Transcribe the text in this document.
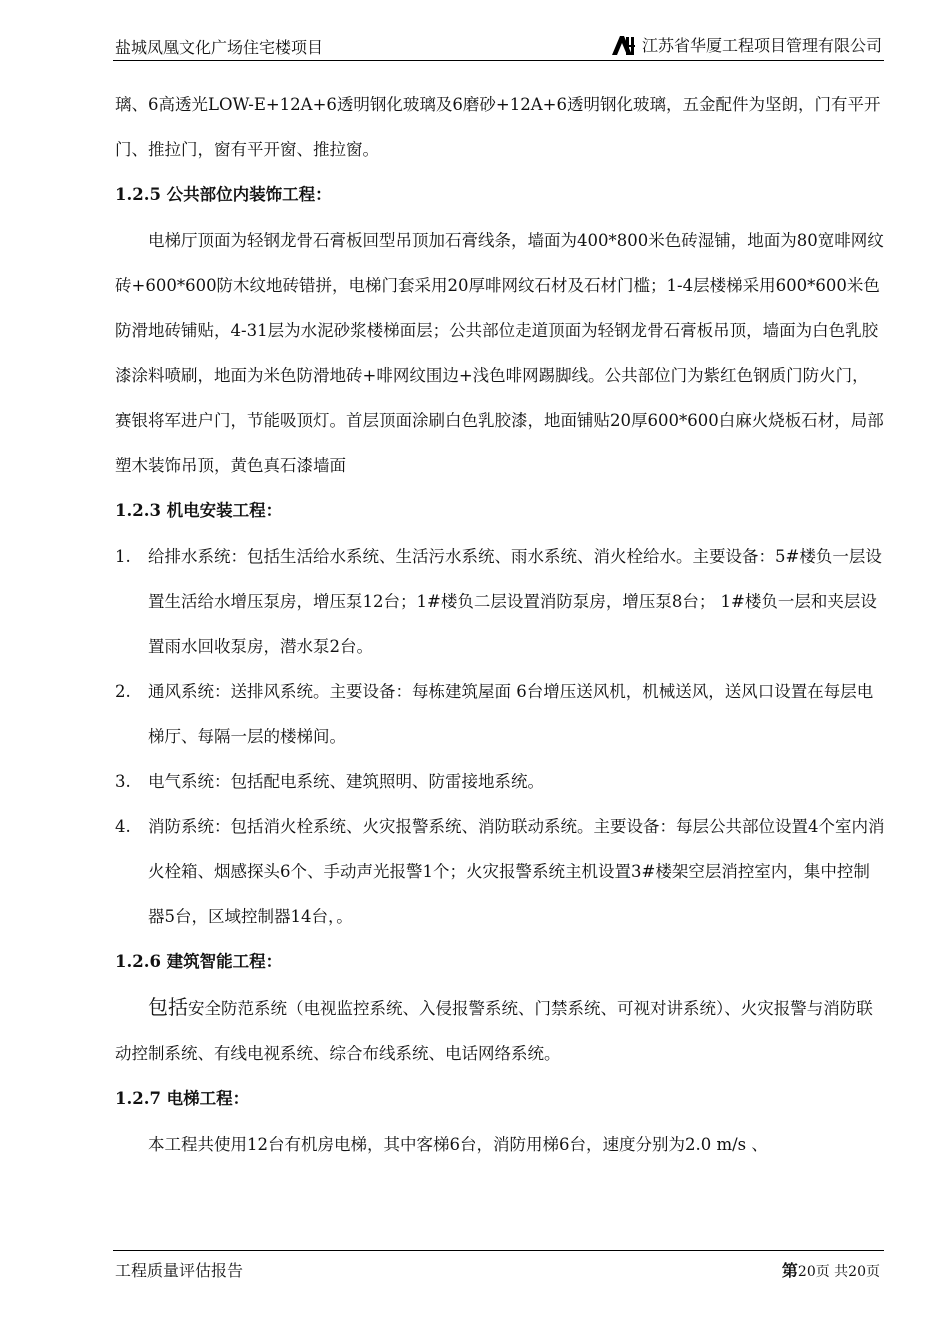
盐城凤凰文化广场住宅楼项目	江苏省华厦工程项目管理有限公司

璃、6高透光LOW-E+12A+6透明钢化玻璃及6磨砂+12A+6透明钢化玻璃，五金配件为坚朗，门有平开门、推拉门，窗有平开窗、推拉窗。

1.2.5 公共部位内装饰工程：

电梯厅顶面为轻钢龙骨石膏板回型吊顶加石膏线条，墙面为400*800米色砖湿铺，地面为80宽啡网纹砖+600*600防木纹地砖错拼，电梯门套采用20厚啡网纹石材及石材门槛；1-4层楼梯采用600*600米色防滑地砖铺贴，4-31层为水泥砂浆楼梯面层；公共部位走道顶面为轻钢龙骨石膏板吊顶，墙面为白色乳胶漆涂料喷刷，地面为米色防滑地砖+啡网纹围边+浅色啡网踢脚线。公共部位门为紫红色钢质门防火门，赛银将军进户门，节能吸顶灯。首层顶面涂刷白色乳胶漆，地面铺贴20厚600*600白麻火烧板石材，局部塑木装饰吊顶，黄色真石漆墙面

1.2.3 机电安装工程：

1.	给排水系统：包括生活给水系统、生活污水系统、雨水系统、消火栓给水。主要设备：5#楼负一层设置生活给水增压泵房，增压泵12台；1#楼负二层设置消防泵房，增压泵8台； 1#楼负一层和夹层设置雨水回收泵房，潜水泵2台。
2.	通风系统：送排风系统。主要设备：每栋建筑屋面 6台增压送风机，机械送风，送风口设置在每层电梯厅、每隔一层的楼梯间。
3.	电气系统：包括配电系统、建筑照明、防雷接地系统。
4.	消防系统：包括消火栓系统、火灾报警系统、消防联动系统。主要设备：每层公共部位设置4个室内消火栓箱、烟感探头6个、手动声光报警1个；火灾报警系统主机设置3#楼架空层消控室内，集中控制器5台，区域控制器14台，。

1.2.6 建筑智能工程：

包括安全防范系统（电视监控系统、入侵报警系统、门禁系统、可视对讲系统）、火灾报警与消防联动控制系统、有线电视系统、综合布线系统、电话网络系统。

1.2.7 电梯工程：

本工程共使用12台有机房电梯，其中客梯6台，消防用梯6台，速度分别为2.0 m/s 、

工程质量评估报告	第20页 共20页
